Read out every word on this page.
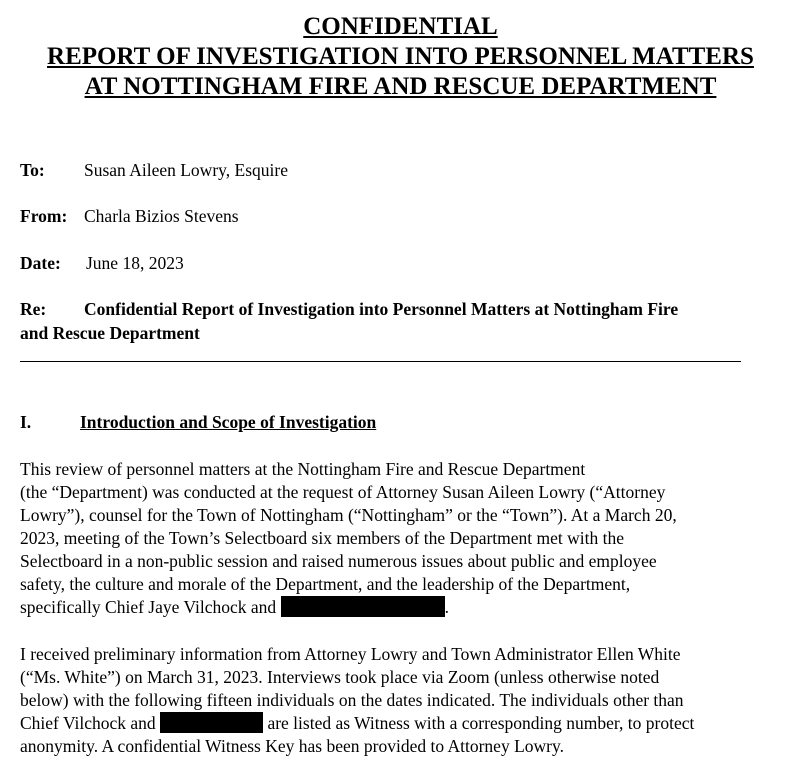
CONFIDENTIAL
REPORT OF INVESTIGATION INTO PERSONNEL MATTERS
AT NOTTINGHAM FIRE AND RESCUE DEPARTMENT
To: Susan Aileen Lowry, Esquire
From: Charla Bizios Stevens
Date: June 18, 2023
Re: Confidential Report of Investigation into Personnel Matters at Nottingham Fire
and Rescue Department
I.	Introduction and Scope of Investigation
This review of personnel matters at the Nottingham Fire and Rescue Department
(the “Department) was conducted at the request of Attorney Susan Aileen Lowry (“Attorney
Lowry”), counsel for the Town of Nottingham (“Nottingham” or the “Town”). At a March 20,
2023, meeting of the Town’s Selectboard six members of the Department met with the
Selectboard in a non-public session and raised numerous issues about public and employee
safety, the culture and morale of the Department, and the leadership of the Department,
specifically Chief Jaye Vilchock and	.
I received preliminary information from Attorney Lowry and Town Administrator Ellen White
(“Ms. White”) on March 31, 2023. Interviews took place via Zoom (unless otherwise noted
below) with the following fifteen individuals on the dates indicated. The individuals other than
Chief Vilchock and	are listed as Witness with a corresponding number, to protect
anonymity. A confidential Witness Key has been provided to Attorney Lowry.
